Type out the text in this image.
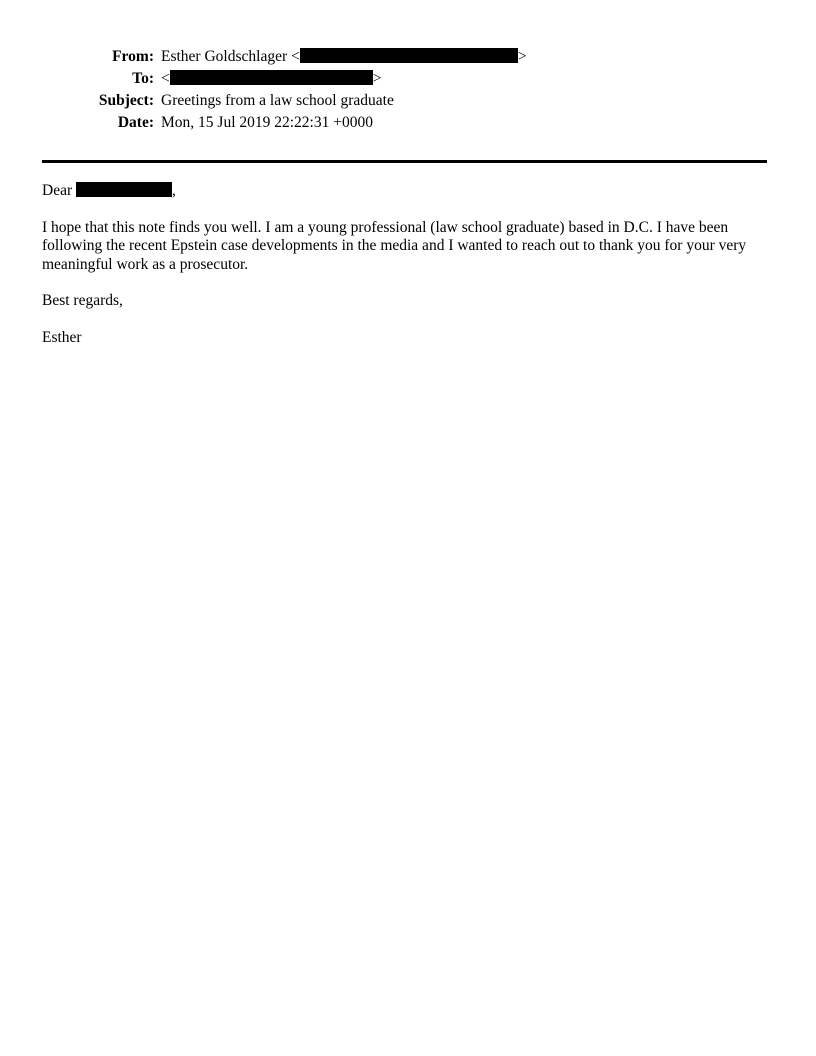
From: Esther Goldschlager <	>
To: <	>
Subject: Greetings from a law school graduate
Date: Mon, 15 Jul 2019 22:22:31 +0000
Dear	,

I hope that this note finds you well. I am a young professional (law school graduate) based in D.C. I have been following the recent Epstein case developments in the media and I wanted to reach out to thank you for your very meaningful work as a prosecutor.

Best regards,

Esther
